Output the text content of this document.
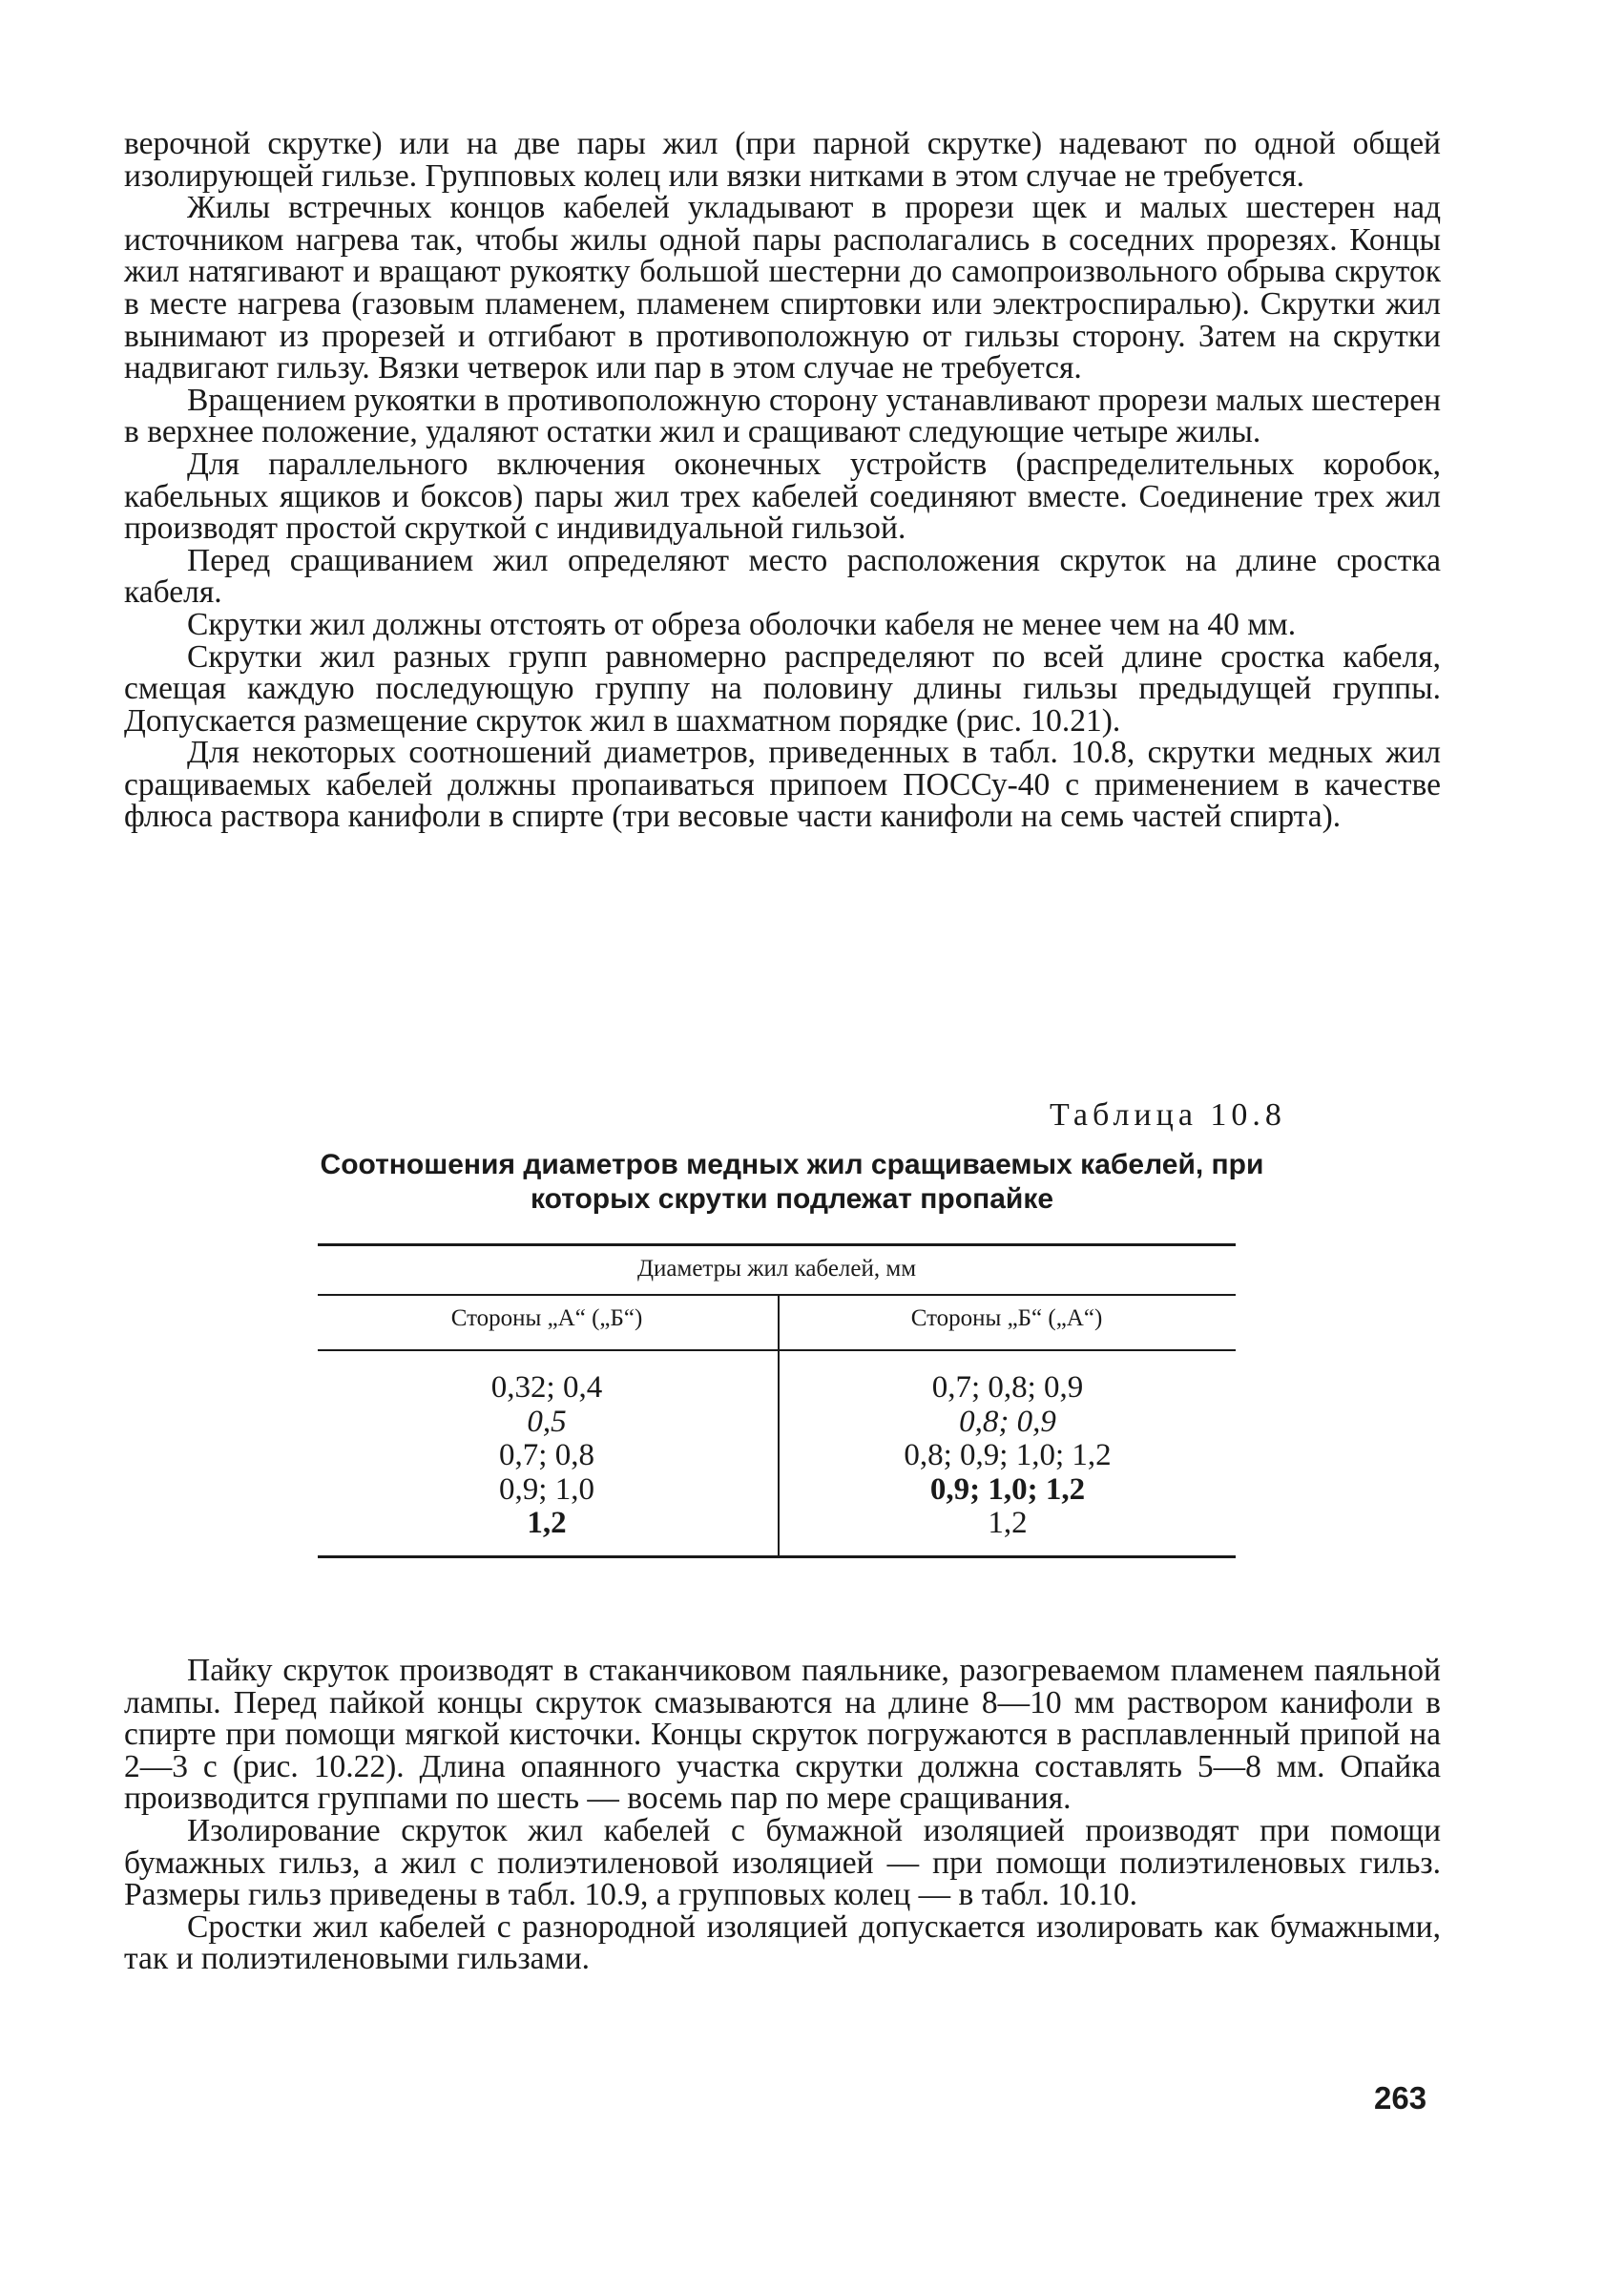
верочной скрутке) или на две пары жил (при парной скрутке) надевают по одной общей изолирующей гильзе. Групповых колец или вязки нитками в этом случае не требуется.

Жилы встречных концов кабелей укладывают в прорези щек и малых шестерен над источником нагрева так, чтобы жилы одной пары располагались в соседних прорезях. Концы жил натягивают и вращают рукоятку большой шестерни до самопроизвольного обрыва скруток в месте нагрева (газовым пламенем, пламенем спиртовки или электроспиралью). Скрутки жил вынимают из прорезей и отгибают в противоположную от гильзы сторону. Затем на скрутки надвигают гильзу. Вязки четверок или пар в этом случае не требуется.

Вращением рукоятки в противоположную сторону устанавливают прорези малых шестерен в верхнее положение, удаляют остатки жил и сращивают следующие четыре жилы.

Для параллельного включения оконечных устройств (распределительных коробок, кабельных ящиков и боксов) пары жил трех кабелей соединяют вместе. Соединение трех жил производят простой скруткой с индивидуальной гильзой.

Перед сращиванием жил определяют место расположения скруток на длине сростка кабеля.

Скрутки жил должны отстоять от обреза оболочки кабеля не менее чем на 40 мм.

Скрутки жил разных групп равномерно распределяют по всей длине сростка кабеля, смещая каждую последующую группу на половину длины гильзы предыдущей группы. Допускается размещение скруток жил в шахматном порядке (рис. 10.21).

Для некоторых соотношений диаметров, приведенных в табл. 10.8, скрутки медных жил сращиваемых кабелей должны пропаиваться припоем ПОССу-40 с применением в качестве флюса раствора канифоли в спирте (три весовые части канифоли на семь частей спирта).

Таблица 10.8
Соотношения диаметров медных жил сращиваемых кабелей, при которых скрутки подлежат пропайке
Диаметры жил кабелей, мм
Стороны „А“ („Б“)	Стороны „Б“ („А“)
0,32; 0,4
0,5
0,7; 0,8
0,9; 1,0
1,2
0,7; 0,8; 0,9
0,8; 0,9
0,8; 0,9; 1,0; 1,2
0,9; 1,0; 1,2
1,2

Пайку скруток производят в стаканчиковом паяльнике, разогреваемом пламенем паяльной лампы. Перед пайкой концы скруток смазываются на длине 8—10 мм раствором канифоли в спирте при помощи мягкой кисточки. Концы скруток погружаются в расплавленный припой на 2—3 с (рис. 10.22). Длина опаянного участка скрутки должна составлять 5—8 мм. Опайка производится группами по шесть — восемь пар по мере сращивания.

Изолирование скруток жил кабелей с бумажной изоляцией производят при помощи бумажных гильз, а жил с полиэтиленовой изоляцией — при помощи полиэтиленовых гильз. Размеры гильз приведены в табл. 10.9, а групповых колец — в табл. 10.10.

Сростки жил кабелей с разнородной изоляцией допускается изолировать как бумажными, так и полиэтиленовыми гильзами.

263
